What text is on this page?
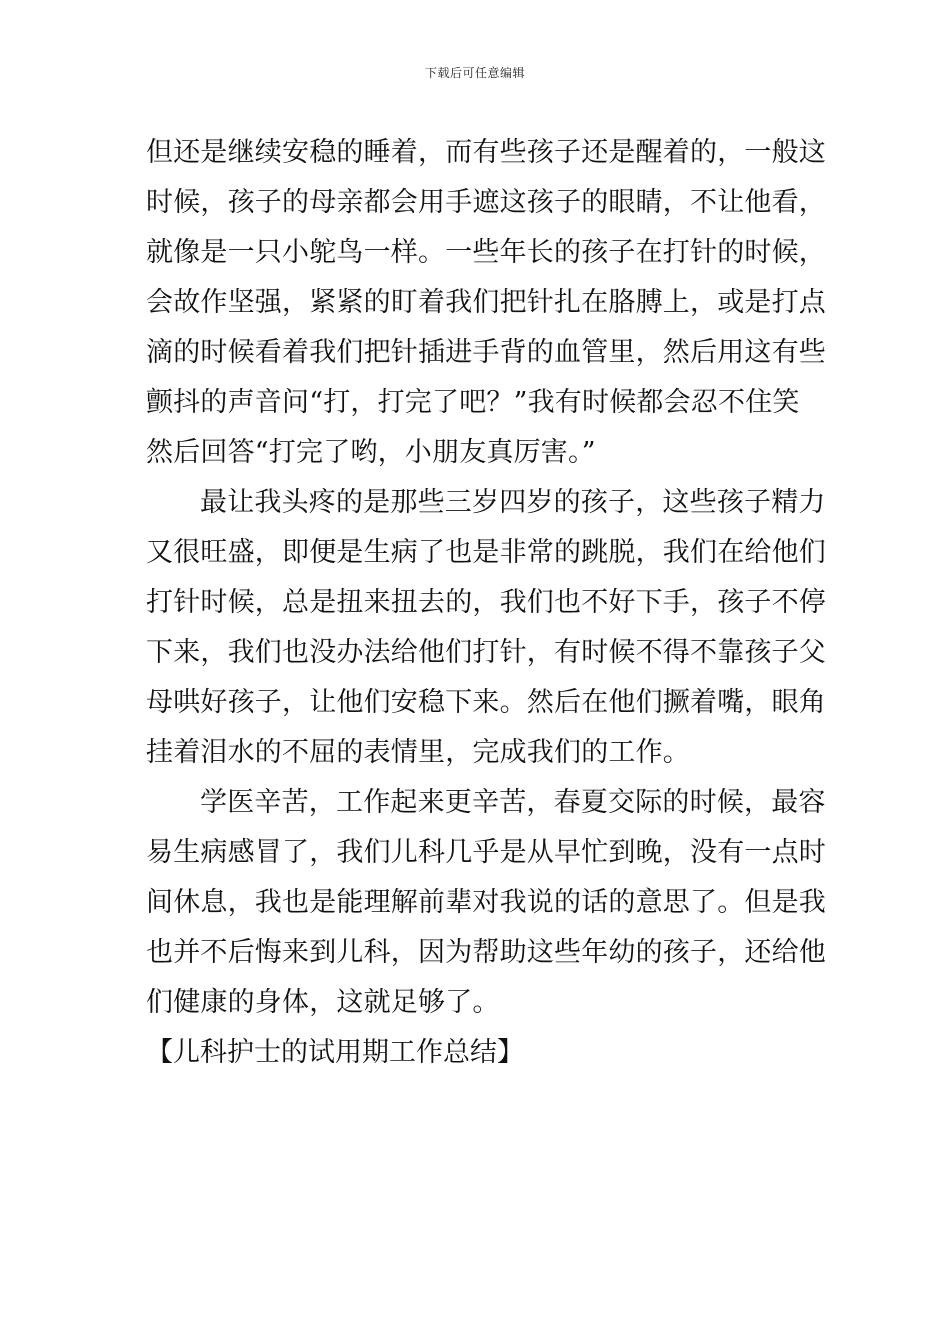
下载后可任意编辑
但还是继续安稳的睡着，而有些孩子还是醒着的，一般这
时候，孩子的母亲都会用手遮这孩子的眼睛，不让他看，
就像是一只小鸵鸟一样。一些年长的孩子在打针的时候，
会故作坚强，紧紧的盯着我们把针扎在胳膊上，或是打点
滴的时候看着我们把针插进手背的血管里，然后用这有些
颤抖的声音问“打，打完了吧？”我有时候都会忍不住笑
然后回答“打完了哟，小朋友真厉害。”
最让我头疼的是那些三岁四岁的孩子，这些孩子精力
又很旺盛，即便是生病了也是非常的跳脱，我们在给他们
打针时候，总是扭来扭去的，我们也不好下手，孩子不停
下来，我们也没办法给他们打针，有时候不得不靠孩子父
母哄好孩子，让他们安稳下来。然后在他们撅着嘴，眼角
挂着泪水的不屈的表情里，完成我们的工作。
学医辛苦，工作起来更辛苦，春夏交际的时候，最容
易生病感冒了，我们儿科几乎是从早忙到晚，没有一点时
间休息，我也是能理解前辈对我说的话的意思了。但是我
也并不后悔来到儿科，因为帮助这些年幼的孩子，还给他
们健康的身体，这就足够了。
【儿科护士的试用期工作总结】
